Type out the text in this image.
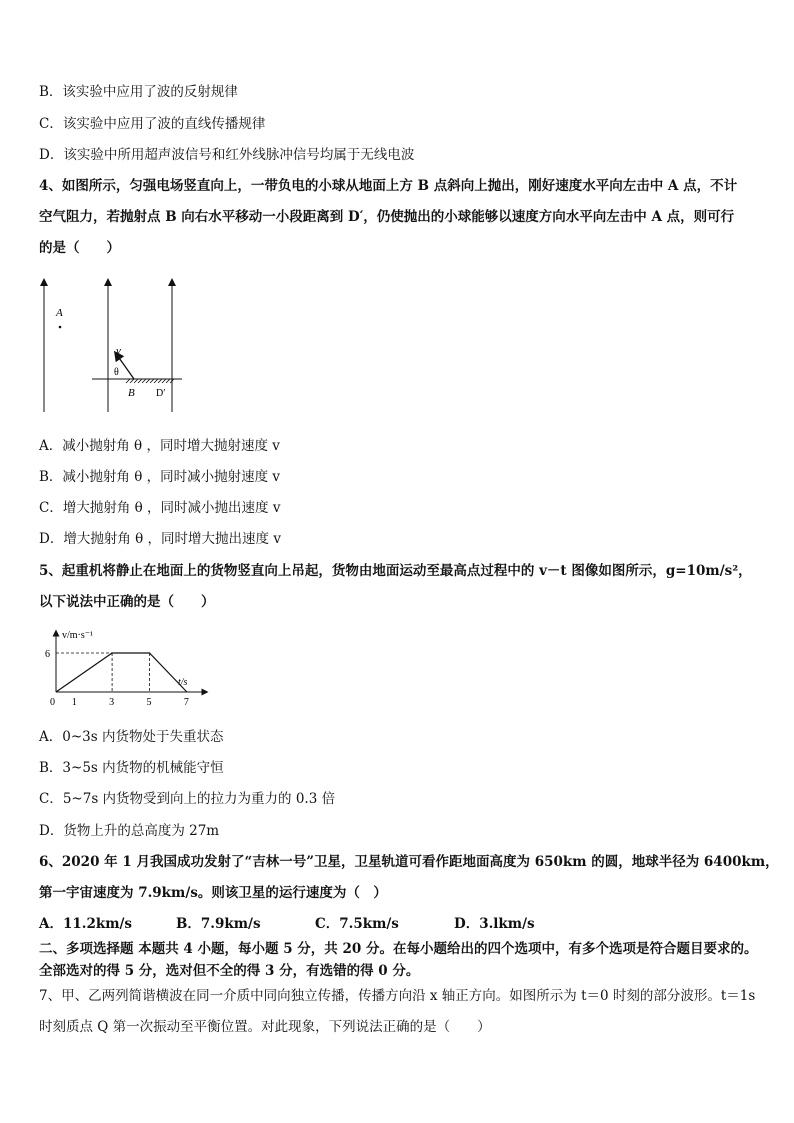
B．该实验中应用了波的反射规律
C．该实验中应用了波的直线传播规律
D．该实验中所用超声波信号和红外线脉冲信号均属于无线电波
4、如图所示，匀强电场竖直向上，一带负电的小球从地面上方 B 点斜向上抛出，刚好速度水平向左击中 A 点，不计
空气阻力，若抛射点 B 向右水平移动一小段距离到 D′，仍使抛出的小球能够以速度方向水平向左击中 A 点，则可行
的是（　　）
A
v
θ
B D′
A．减小抛射角 θ ，同时增大抛射速度 v
B．减小抛射角 θ ，同时减小抛射速度 v
C．增大抛射角 θ ，同时减小抛出速度 v
D．增大抛射角 θ ，同时增大抛出速度 v
5、起重机将静止在地面上的货物竖直向上吊起，货物由地面运动至最高点过程中的 v－t 图像如图所示，g=10m/s²，
以下说法中正确的是（　　）
v/m·s⁻¹
t/s
0 1	3	5	7
6
A．0~3s 内货物处于失重状态
B．3~5s 内货物的机械能守恒
C．5~7s 内货物受到向上的拉力为重力的 0.3 倍
D．货物上升的总高度为 27m
6、2020 年 1 月我国成功发射了“吉林一号”卫星，卫星轨道可看作距地面高度为 650km 的圆，地球半径为 6400km，
第一宇宙速度为 7.9km/s。则该卫星的运行速度为（　）
A．11.2km/s	B．7.9km/s	C．7.5km/s	D．3.lkm/s
二、多项选择题 本题共 4 小题，每小题 5 分，共 20 分。在每小题给出的四个选项中，有多个选项是符合题目要求的。
全部选对的得 5 分，选对但不全的得 3 分，有选错的得 0 分。
7、甲、乙两列简谐横波在同一介质中同向独立传播，传播方向沿 x 轴正方向。如图所示为 t＝0 时刻的部分波形。t＝1s
时刻质点 Q 第一次振动至平衡位置。对此现象，下列说法正确的是（　　）
